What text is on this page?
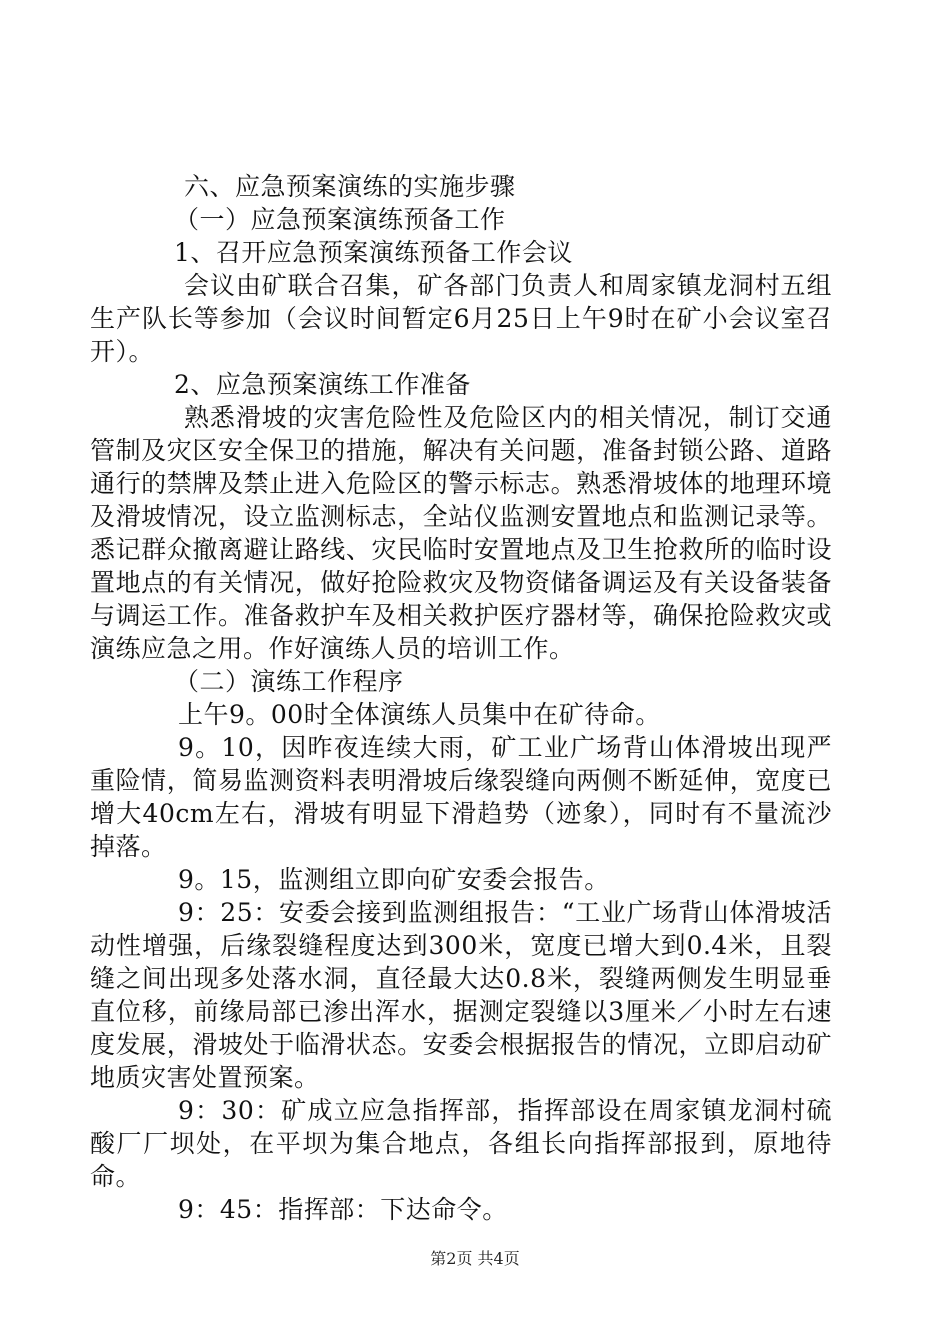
六、应急预案演练的实施步骤

（一）应急预案演练预备工作

1、召开应急预案演练预备工作会议

会议由矿联合召集，矿各部门负责人和周家镇龙洞村五组生产队长等参加（会议时间暂定6月25日上午9时在矿小会议室召开）。

2、应急预案演练工作准备

熟悉滑坡的灾害危险性及危险区内的相关情况，制订交通管制及灾区安全保卫的措施，解决有关问题，准备封锁公路、道路通行的禁牌及禁止进入危险区的警示标志。熟悉滑坡体的地理环境及滑坡情况，设立监测标志，全站仪监测安置地点和监测记录等。悉记群众撤离避让路线、灾民临时安置地点及卫生抢救所的临时设置地点的有关情况，做好抢险救灾及物资储备调运及有关设备装备与调运工作。准备救护车及相关救护医疗器材等，确保抢险救灾或演练应急之用。作好演练人员的培训工作。

（二）演练工作程序

上午9。00时全体演练人员集中在矿待命。

9。10，因昨夜连续大雨，矿工业广场背山体滑坡出现严重险情，简易监测资料表明滑坡后缘裂缝向两侧不断延伸，宽度已增大40cm左右，滑坡有明显下滑趋势（迹象），同时有不量流沙掉落。

9。15，监测组立即向矿安委会报告。

9：25：安委会接到监测组报告：“工业广场背山体滑坡活动性增强，后缘裂缝程度达到300米，宽度已增大到0.4米，且裂缝之间出现多处落水洞，直径最大达0.8米，裂缝两侧发生明显垂直位移，前缘局部已渗出浑水，据测定裂缝以3厘米／小时左右速度发展，滑坡处于临滑状态。安委会根据报告的情况，立即启动矿地质灾害处置预案。

9：30：矿成立应急指挥部，指挥部设在周家镇龙洞村硫酸厂厂坝处，在平坝为集合地点，各组长向指挥部报到，原地待命。

9：45：指挥部：下达命令。

第2页 共4页
